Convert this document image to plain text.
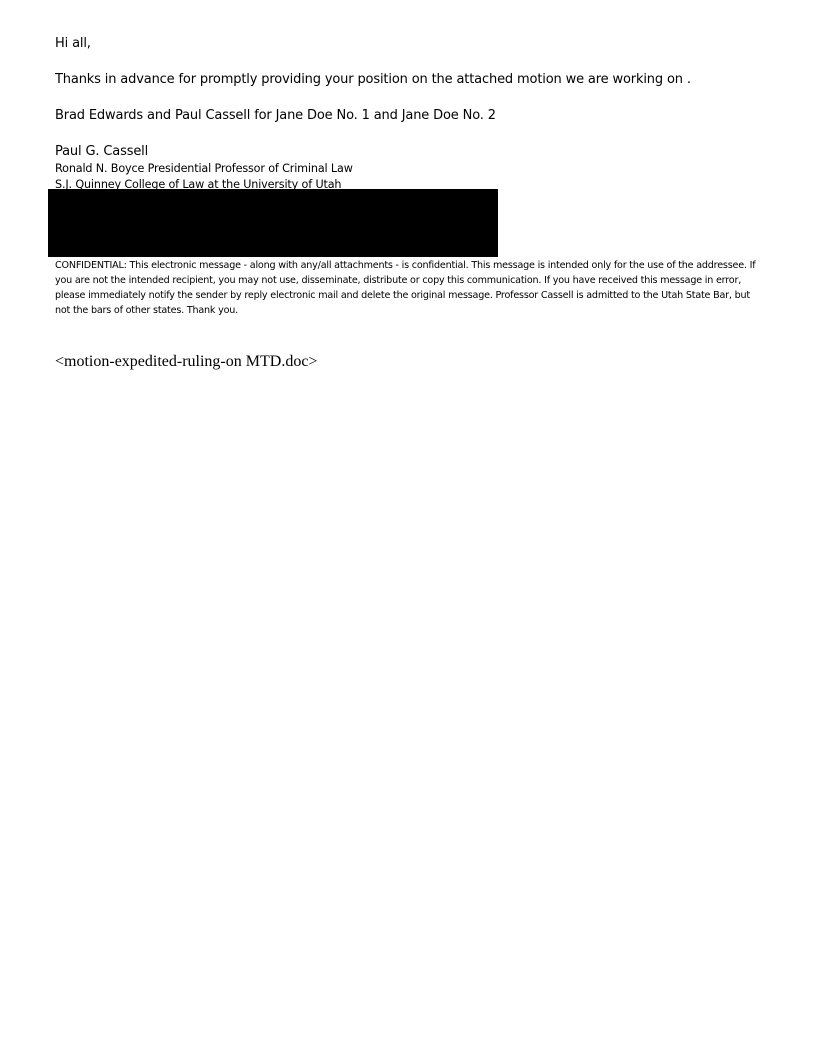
Hi all,
Thanks in advance for promptly providing your position on the attached motion we are working on .
Brad Edwards and Paul Cassell for Jane Doe No. 1 and Jane Doe No. 2
Paul G. Cassell
Ronald N. Boyce Presidential Professor of Criminal Law
S.J. Quinney College of Law at the University of Utah
CONFIDENTIAL: This electronic message - along with any/all attachments - is confidential. This message is intended only for the use of the addressee. If you are not the intended recipient, you may not use, disseminate, distribute or copy this communication. If you have received this message in error, please immediately notify the sender by reply electronic mail and delete the original message. Professor Cassell is admitted to the Utah State Bar, but not the bars of other states. Thank you.
<motion-expedited-ruling-on MTD.doc>
